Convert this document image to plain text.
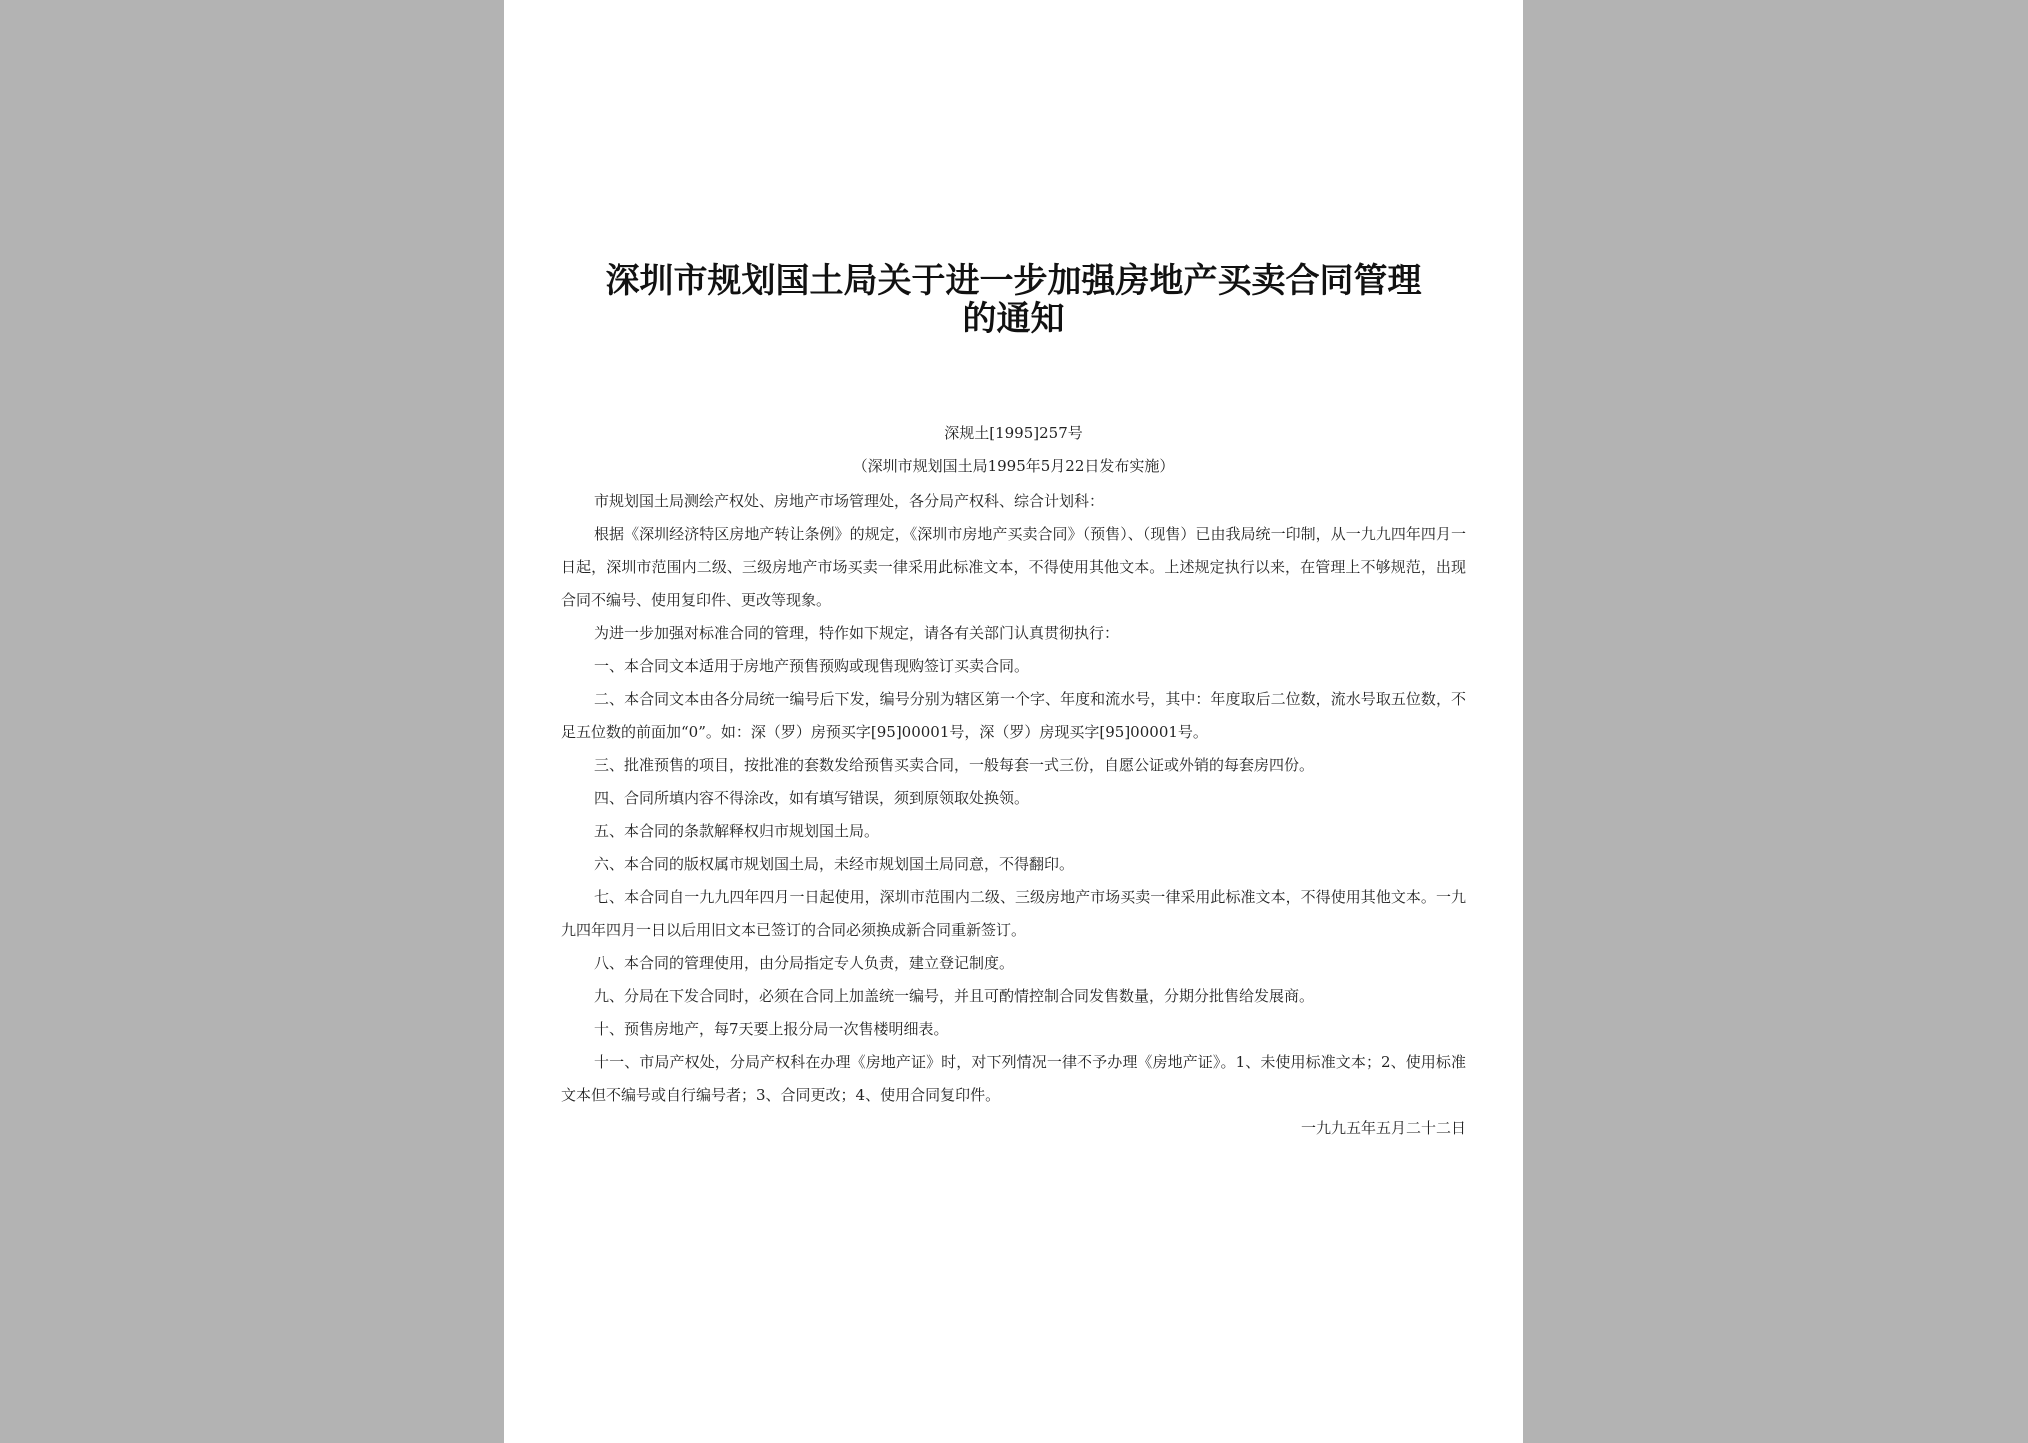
深圳市规划国土局关于进一步加强房地产买卖合同管理的通知

深规土[1995]257号

（深圳市规划国土局1995年5月22日发布实施）

市规划国土局测绘产权处、房地产市场管理处，各分局产权科、综合计划科：

根据《深圳经济特区房地产转让条例》的规定，《深圳市房地产买卖合同》（预售）、（现售）已由我局统一印制，从一九九四年四月一日起，深圳市范围内二级、三级房地产市场买卖一律采用此标准文本，不得使用其他文本。上述规定执行以来，在管理上不够规范，出现合同不编号、使用复印件、更改等现象。

为进一步加强对标准合同的管理，特作如下规定，请各有关部门认真贯彻执行：

一、本合同文本适用于房地产预售预购或现售现购签订买卖合同。

二、本合同文本由各分局统一编号后下发，编号分别为辖区第一个字、年度和流水号，其中：年度取后二位数，流水号取五位数，不足五位数的前面加“0”。如：深（罗）房预买字[95]00001号，深（罗）房现买字[95]00001号。

三、批准预售的项目，按批准的套数发给预售买卖合同，一般每套一式三份，自愿公证或外销的每套房四份。

四、合同所填内容不得涂改，如有填写错误，须到原领取处换领。

五、本合同的条款解释权归市规划国土局。

六、本合同的版权属市规划国土局，未经市规划国土局同意，不得翻印。

七、本合同自一九九四年四月一日起使用，深圳市范围内二级、三级房地产市场买卖一律采用此标准文本，不得使用其他文本。一九九四年四月一日以后用旧文本已签订的合同必须换成新合同重新签订。

八、本合同的管理使用，由分局指定专人负责，建立登记制度。

九、分局在下发合同时，必须在合同上加盖统一编号，并且可酌情控制合同发售数量，分期分批售给发展商。

十、预售房地产，每7天要上报分局一次售楼明细表。

十一、市局产权处，分局产权科在办理《房地产证》时，对下列情况一律不予办理《房地产证》。1、未使用标准文本；2、使用标准文本但不编号或自行编号者；3、合同更改；4、使用合同复印件。

一九九五年五月二十二日
